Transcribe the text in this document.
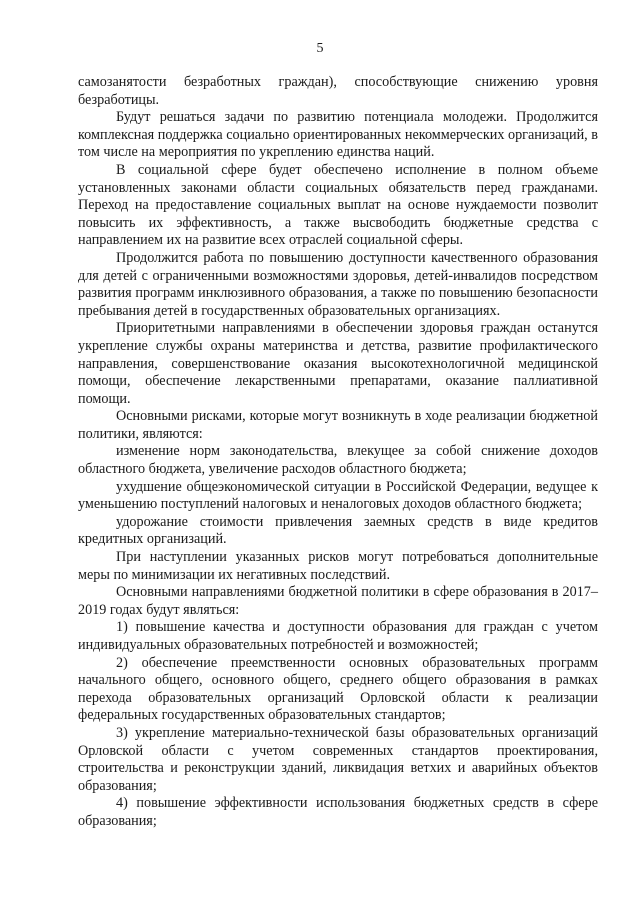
5

самозанятости безработных граждан), способствующие снижению уровня безработицы.

Будут решаться задачи по развитию потенциала молодежи. Продолжится комплексная поддержка социально ориентированных некоммерческих организаций, в том числе на мероприятия по укреплению единства наций.

В социальной сфере будет обеспечено исполнение в полном объеме установленных законами области социальных обязательств перед гражданами. Переход на предоставление социальных выплат на основе нуждаемости позволит повысить их эффективность, а также высвободить бюджетные средства с направлением их на развитие всех отраслей социальной сферы.

Продолжится работа по повышению доступности качественного образования для детей с ограниченными возможностями здоровья, детей-инвалидов посредством развития программ инклюзивного образования, а также по повышению безопасности пребывания детей в государственных образовательных организациях.

Приоритетными направлениями в обеспечении здоровья граждан останутся укрепление службы охраны материнства и детства, развитие профилактического направления, совершенствование оказания высокотехнологичной медицинской помощи, обеспечение лекарственными препаратами, оказание паллиативной помощи.

Основными рисками, которые могут возникнуть в ходе реализации бюджетной политики, являются:

изменение норм законодательства, влекущее за собой снижение доходов областного бюджета, увеличение расходов областного бюджета;

ухудшение общеэкономической ситуации в Российской Федерации, ведущее к уменьшению поступлений налоговых и неналоговых доходов областного бюджета;

удорожание стоимости привлечения заемных средств в виде кредитов кредитных организаций.

При наступлении указанных рисков могут потребоваться дополнительные меры по минимизации их негативных последствий.

Основными направлениями бюджетной политики в сфере образования в 2017–2019 годах будут являться:

1) повышение качества и доступности образования для граждан с учетом индивидуальных образовательных потребностей и возможностей;

2) обеспечение преемственности основных образовательных программ начального общего, основного общего, среднего общего образования в рамках перехода образовательных организаций Орловской области к реализации федеральных государственных образовательных стандартов;

3) укрепление материально-технической базы образовательных организаций Орловской области с учетом современных стандартов проектирования, строительства и реконструкции зданий, ликвидация ветхих и аварийных объектов образования;

4) повышение эффективности использования бюджетных средств в сфере образования;
